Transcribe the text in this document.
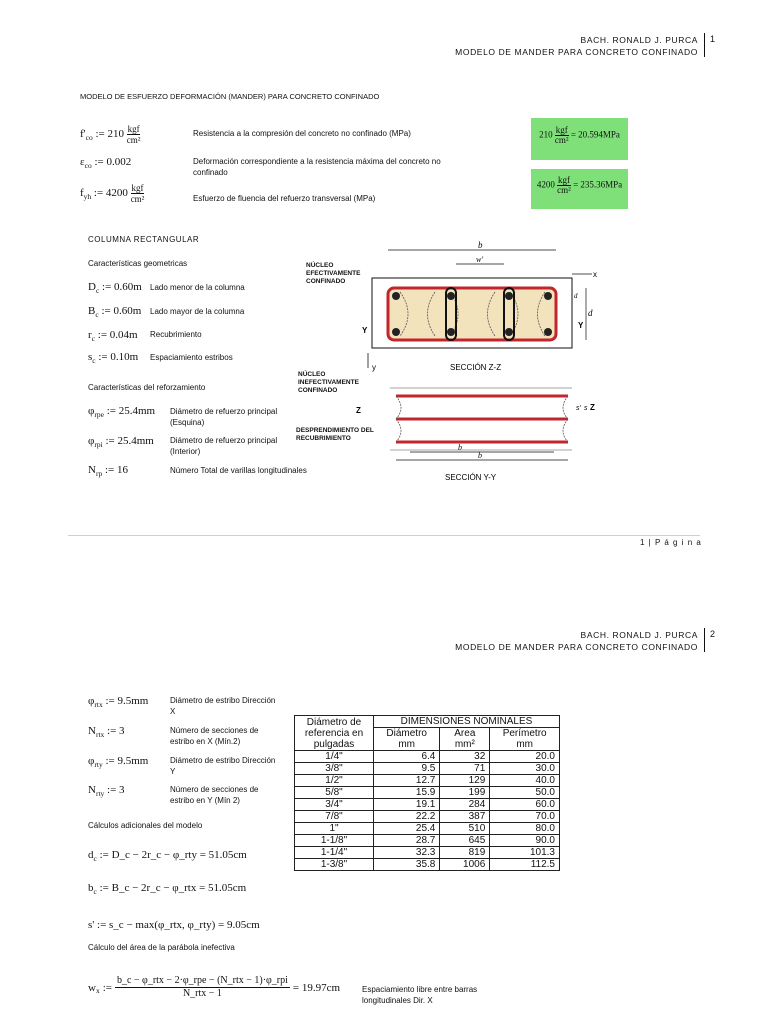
BACH. RONALD J. PURCA
MODELO DE MANDER PARA CONCRETO CONFINADO
1
MODELO DE ESFUERZO DEFORMACIÓN (MANDER) PARA CONCRETO CONFINADO
$f'_{co}$ := 210 kgf
cm²
Resistencia a la compresión del concreto no confinado (MPa)
$\varepsilon_{co}$ := 0.002	Deformación correspondiente a la resistencia máxima del concreto no confinado
$f_{yh}$ := 4200 kgf
cm²	Esfuerzo de fluencia del refuerzo transversal (MPa)
210 kgf
cm²
= 20.594MPa
4200 kgf
cm²
= 235.36MPa
COLUMNA RECTANGULAR
Características geometricas
$D_c$ := 0.60m Lado menor de la columna
$B_c$ := 0.60m Lado mayor de la columna
$r_c$ := 0.04m Recubrimiento
$s_c$ := 0.10m Espaciamiento estribos
Características del reforzamiento
$\varphi_{rpe}$ := 25.4mm Diámetro de refuerzo principal (Esquina)
$\varphi_{rpi}$ := 25.4mm Diámetro de refuerzo principal (Interior)
$N_{rp}$ := 16	Número Total de varillas longitudinales
b
w'
x
d
d
Y
Y
y	SECCIÓN Z-Z
Z	Z
s' s
b
b
SECCIÓN Y-Y
NÚCLEO EFECTIVAMENTE CONFINADO
NÚCLEO INEFECTIVAMENTE CONFINADO
DESPRENDIMIENTO DEL RECUBRIMIENTO
1 | P á g i n a
BACH. RONALD J. PURCA
MODELO DE MANDER PARA CONCRETO CONFINADO
2
$\varphi_{rtx}$ := 9.5mm	Diámetro de estribo Dirección X
$N_{rtx}$ := 3	Número de secciones de estribo en X (Mín.2)
$\varphi_{rty}$ := 9.5mm	Diámetro de estribo Dirección Y
$N_{rty}$ := 3	Número de secciones de estribo en Y (Mín 2)
Cálculos adicionales del modelo
$d_c$ := D_c − 2r_c − φ_rty = 51.05cm
$b_c$ := B_c − 2r_c − φ_rtx = 51.05cm
s' := s_c − max(φ_rtx, φ_rty) = 9.05cm
Cálculo del área de la parábola inefectiva
w x :=
b_c − φ_rtx − 2·φ_rpe − (N_rtx − 1)·φ_rpi
N_rtx − 1	= 19.97cm	Espaciamiento libre entre barras longitudinales Dir. X
Diámetro de referencia en pulgadas	DIMENSIONES NOMINALES		
	Diámetro mm	Area mm²	Perímetro mm
1/4"	6.4	32	20.0
3/8"	9.5	71	30.0
1/2"	12.7	129	40.0
5/8"	15.9	199	50.0
3/4"	19.1	284	60.0
7/8"	22.2	387	70.0
1"	25.4	510	80.0
1-1/8"	28.7	645	90.0
1-1/4"	32.3	819	101.3
1-3/8"	35.8	1006	112.5
